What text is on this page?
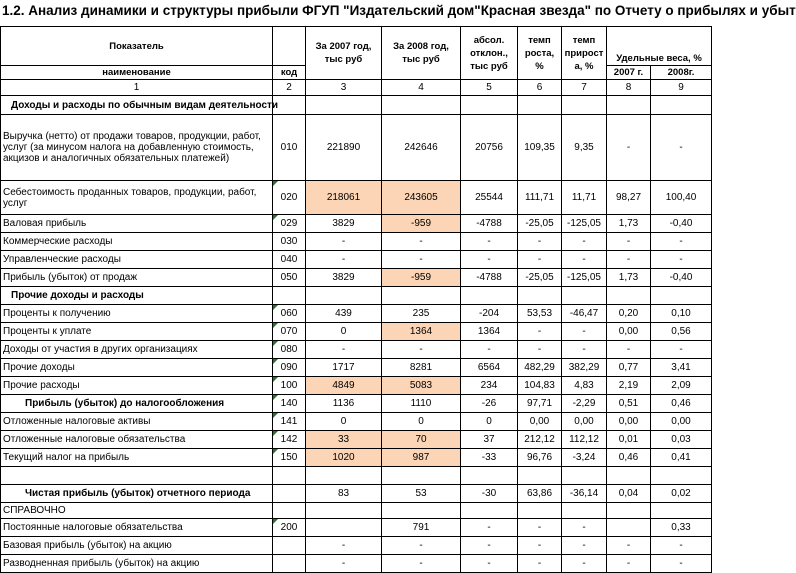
1.2. Анализ динамики и структуры прибыли ФГУП "Издательский дом"Красная звезда" по Отчету о прибылях и убыт
Показатель		За 2007 год, тыс руб	За 2008 год, тыс руб	абсол. отклон., тыс руб	темп роста, %	темп прирост а, %	Удельные веса, %	
наименование	код						2007 г.	2008г.
1	2	3	4	5	6	7	8	9
Доходы и расходы по обычным видам деятельности								
Выручка (нетто) от продажи товаров, продукции, работ, услуг (за минусом налога на добавленную стоимость, акцизов и аналогичных обязательных платежей)	010	221890	242646	20756	109,35	9,35	-	-
Себестоимость проданных товаров, продукции, работ, услуг	020	218061	243605	25544	111,71	11,71	98,27	100,40
Валовая прибыль	029	3829	-959	-4788	-25,05	-125,05	1,73	-0,40
Коммерческие расходы	030	-	-	-	-	-	-	-
Управленческие расходы	040	-	-	-	-	-	-	-
Прибыль (убыток) от продаж	050	3829	-959	-4788	-25,05	-125,05	1,73	-0,40
Прочие доходы и расходы								
Проценты к получению	060	439	235	-204	53,53	-46,47	0,20	0,10
Проценты к уплате	070	0	1364	1364	-	-	0,00	0,56
Доходы от участия в других организациях	080	-	-	-	-	-	-	-
Прочие доходы	090	1717	8281	6564	482,29	382,29	0,77	3,41
Прочие расходы	100	4849	5083	234	104,83	4,83	2,19	2,09
Прибыль (убыток) до налогообложения	140	1136	1110	-26	97,71	-2,29	0,51	0,46
Отложенные налоговые активы	141	0	0	0	0,00	0,00	0,00	0,00
Отложенные налоговые обязательства	142	33	70	37	212,12	112,12	0,01	0,03
Текущий налог на прибыль	150	1020	987	-33	96,76	-3,24	0,46	0,41

Чистая прибыль (убыток) отчетного периода		83	53	-30	63,86	-36,14	0,04	0,02
СПРАВОЧНО								
Постоянные налоговые обязательства	200		791	-	-	-		0,33
Базовая прибыль (убыток) на акцию		-	-	-	-	-	-	-
Разводненная прибыль (убыток) на акцию		-	-	-	-	-	-	-
